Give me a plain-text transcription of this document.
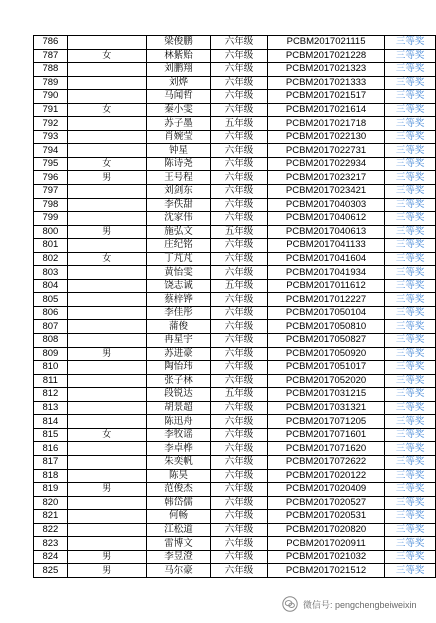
786		梁俊鹏	六年级	PCBM2017021115	三等奖
787	女	林紫贻	六年级	PCBM2017021228	三等奖
788		刘鹏翔	六年级	PCBM2017021323	三等奖
789		刘烨	六年级	PCBM2017021333	三等奖
790		马闻哲	六年级	PCBM2017021517	三等奖
791	女	秦小雯	六年级	PCBM2017021614	三等奖
792		苏子墨	五年级	PCBM2017021718	三等奖
793		肖婉莹	六年级	PCBM2017022130	三等奖
794		钟星	六年级	PCBM2017022731	三等奖
795	女	陈诗尧	六年级	PCBM2017022934	三等奖
796	男	王号程	六年级	PCBM2017023217	三等奖
797		刘剑东	六年级	PCBM2017023421	三等奖
798		李佚甜	六年级	PCBM2017040303	三等奖
799		沈家伟	六年级	PCBM2017040612	三等奖
800	男	施弘文	五年级	PCBM2017040613	三等奖
801		庄纪铭	六年级	PCBM2017041133	三等奖
802	女	丁芃芃	六年级	PCBM2017041604	三等奖
803		黄怡雯	六年级	PCBM2017041934	三等奖
804		饶志诚	五年级	PCBM2017011612	三等奖
805		蔡梓铧	六年级	PCBM2017012227	三等奖
806		李佳彤	六年级	PCBM2017050104	三等奖
807		蒲俊	六年级	PCBM2017050810	三等奖
808		冉星宇	六年级	PCBM2017050827	三等奖
809	男	苏进豪	六年级	PCBM2017050920	三等奖
810		陶怡玮	六年级	PCBM2017051017	三等奖
811		张子林	六年级	PCBM2017052020	三等奖
812		段锐达	五年级	PCBM2017031215	三等奖
813		胡景超	六年级	PCBM2017031321	三等奖
814		陈迅舟	六年级	PCBM2017071205	三等奖
815	女	李牧谣	六年级	PCBM2017071601	三等奖
816		李卓桦	六年级	PCBM2017071620	三等奖
817		朱奕帆	六年级	PCBM2017072622	三等奖
818		陈昊	六年级	PCBM2017020122	三等奖
819	男	范俊杰	六年级	PCBM2017020409	三等奖
820		韩岱儒	六年级	PCBM2017020527	三等奖
821		何畅	六年级	PCBM2017020531	三等奖
822		江松道	六年级	PCBM2017020820	三等奖
823		雷博文	六年级	PCBM2017020911	三等奖
824	男	李昱澄	六年级	PCBM2017021032	三等奖
825	男	马尔豪	六年级	PCBM2017021512	三等奖
微信号: pengchengbeiweixin
